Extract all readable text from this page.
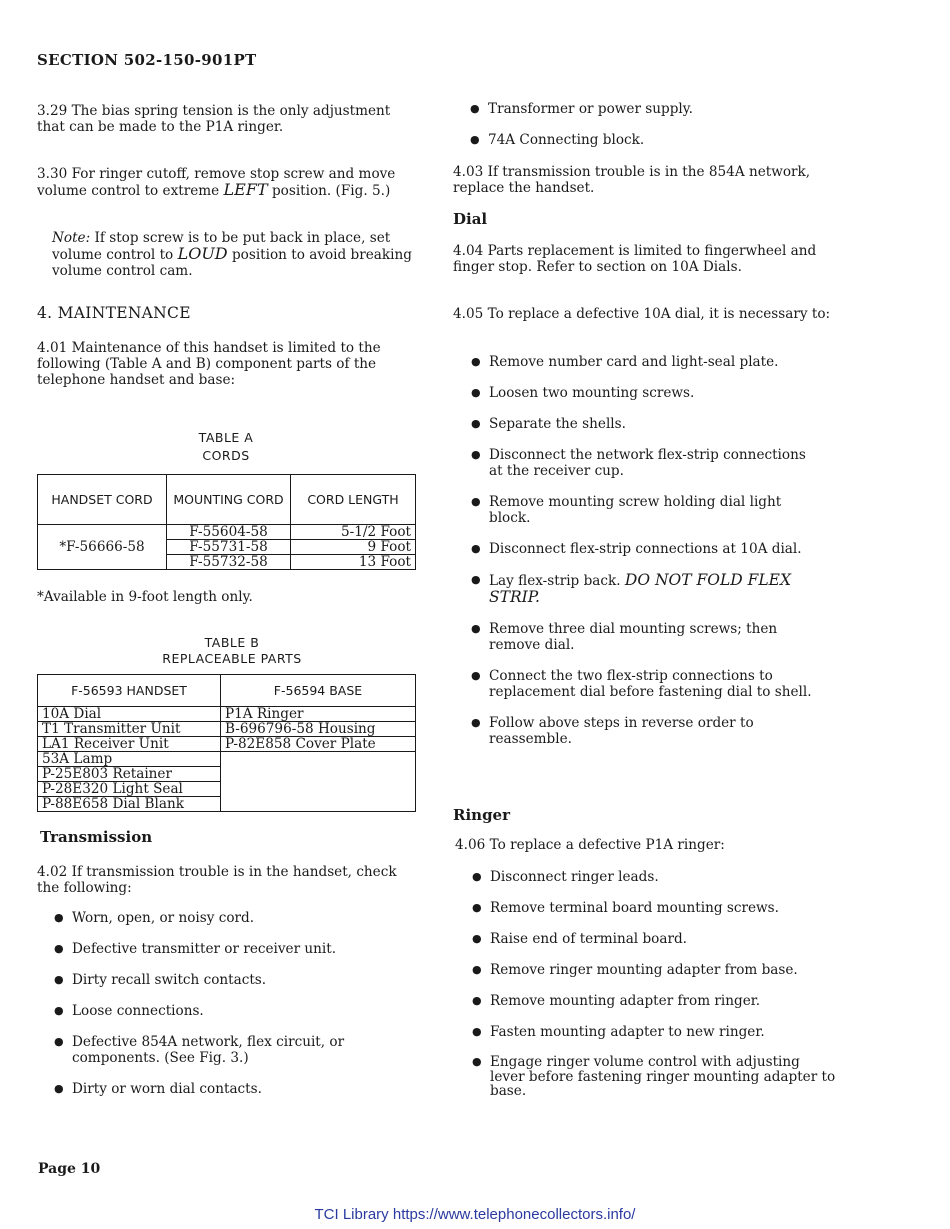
SECTION 502-150-901PT

3.29 The bias spring tension is the only adjustment that can be made to the P1A ringer.

3.30 For ringer cutoff, remove stop screw and move volume control to extreme LEFT position. (Fig. 5.)

Note: If stop screw is to be put back in place, set volume control to LOUD position to avoid breaking volume control cam.

4. MAINTENANCE

4.01 Maintenance of this handset is limited to the following (Table A and B) component parts of the telephone handset and base:

TABLE A
CORDS
HANDSET CORD	MOUNTING CORD	CORD LENGTH
*F-56666-58	F-55604-58	5-1/2 Foot
	F-55731-58	9 Foot
	F-55732-58	13 Foot
*Available in 9-foot length only.
TABLE B
REPLACEABLE PARTS
F-56593 HANDSET	F-56594 BASE
10A Dial	P1A Ringer
T1 Transmitter Unit	B-696796-58 Housing
LA1 Receiver Unit	P-82E858 Cover Plate
53A Lamp	
P-25E803 Retainer	
P-28E320 Light Seal	
P-88E658 Dial Blank	
Transmission

4.02 If transmission trouble is in the handset, check the following:

● Worn, open, or noisy cord.
● Defective transmitter or receiver unit.
● Dirty recall switch contacts.
● Loose connections.
● Defective 854A network, flex circuit, or components. (See Fig. 3.)
● Dirty or worn dial contacts.
● Transformer or power supply.
● 74A Connecting block.

4.03 If transmission trouble is in the 854A network, replace the handset.

Dial

4.04 Parts replacement is limited to fingerwheel and finger stop. Refer to section on 10A Dials.

4.05 To replace a defective 10A dial, it is necessary to:

● Remove number card and light-seal plate.
● Loosen two mounting screws.
● Separate the shells.
● Disconnect the network flex-strip connections at the receiver cup.
● Remove mounting screw holding dial light block.
● Disconnect flex-strip connections at 10A dial.
● Lay flex-strip back. DO NOT FOLD FLEX STRIP.
● Remove three dial mounting screws; then remove dial.
● Connect the two flex-strip connections to replacement dial before fastening dial to shell.
● Follow above steps in reverse order to reassemble.
Ringer

4.06 To replace a defective P1A ringer:

● Disconnect ringer leads.
● Remove terminal board mounting screws.
● Raise end of terminal board.
● Remove ringer mounting adapter from base.
● Remove mounting adapter from ringer.
● Fasten mounting adapter to new ringer.
● Engage ringer volume control with adjusting lever before fastening ringer mounting adapter to base.
Page 10
TCI Library https://www.telephonecollectors.info/
